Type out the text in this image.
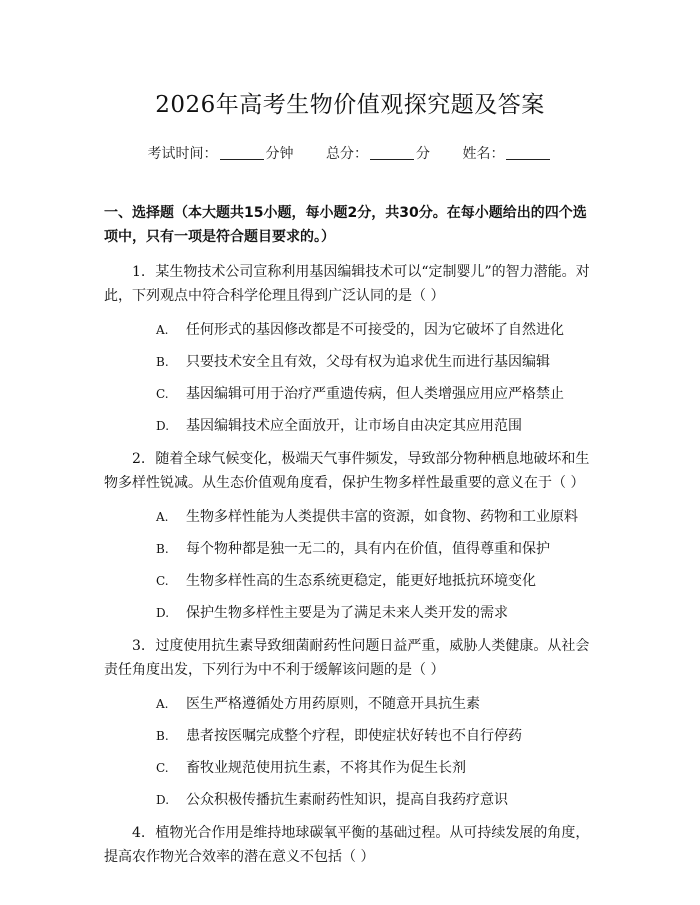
2026年高考生物价值观探究题及答案
考试时间：	分钟 总分：	分 姓名：
一、选择题（本大题共15小题，每小题2分，共30分。在每小题给出的四个选项中，只有一项是符合题目要求的。）

1. 某生物技术公司宣称利用基因编辑技术可以“定制婴儿”的智力潜能。对此，下列观点中符合科学伦理且得到广泛认同的是（ ）

A.	任何形式的基因修改都是不可接受的，因为它破坏了自然进化
B.	只要技术安全且有效，父母有权为追求优生而进行基因编辑
C.	基因编辑可用于治疗严重遗传病，但人类增强应用应严格禁止
D.	基因编辑技术应全面放开，让市场自由决定其应用范围

2. 随着全球气候变化，极端天气事件频发，导致部分物种栖息地破坏和生物多样性锐减。从生态价值观角度看，保护生物多样性最重要的意义在于（ ）

A.	生物多样性能为人类提供丰富的资源，如食物、药物和工业原料
B.	每个物种都是独一无二的，具有内在价值，值得尊重和保护
C.	生物多样性高的生态系统更稳定，能更好地抵抗环境变化
D.	保护生物多样性主要是为了满足未来人类开发的需求

3. 过度使用抗生素导致细菌耐药性问题日益严重，威胁人类健康。从社会责任角度出发，下列行为中不利于缓解该问题的是（ ）

A.	医生严格遵循处方用药原则，不随意开具抗生素
B.	患者按医嘱完成整个疗程，即使症状好转也不自行停药
C.	畜牧业规范使用抗生素，不将其作为促生长剂
D.	公众积极传播抗生素耐药性知识，提高自我药疗意识

4. 植物光合作用是维持地球碳氧平衡的基础过程。从可持续发展的角度，提高农作物光合效率的潜在意义不包括（ ）
